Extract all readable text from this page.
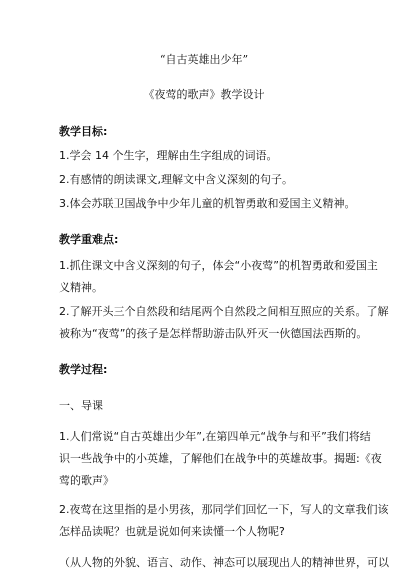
“自古英雄出少年”
《夜莺的歌声》教学设计
教学目标:
1.学会 14 个生字，理解由生字组成的词语。
2.有感情的朗读课文,理解文中含义深刻的句子。
3.体会苏联卫国战争中少年儿童的机智勇敢和爱国主义精神。
教学重难点:
1.抓住课文中含义深刻的句子，体会“小夜莺”的机智勇敢和爱国主
义精神。
2.了解开头三个自然段和结尾两个自然段之间相互照应的关系。了解
被称为“夜莺”的孩子是怎样帮助游击队歼灭一伙德国法西斯的。
教学过程:
一、导课
1.人们常说“自古英雄出少年”,在第四单元“战争与和平”我们将结
识一些战争中的小英雄，了解他们在战争中的英雄故事。揭题:《夜
莺的歌声》
2.夜莺在这里指的是小男孩，那同学们回忆一下，写人的文章我们该
怎样品读呢？也就是说如何来读懂一个人物呢?
（从人物的外貌、语言、动作、神态可以展现出人的精神世界，可以
